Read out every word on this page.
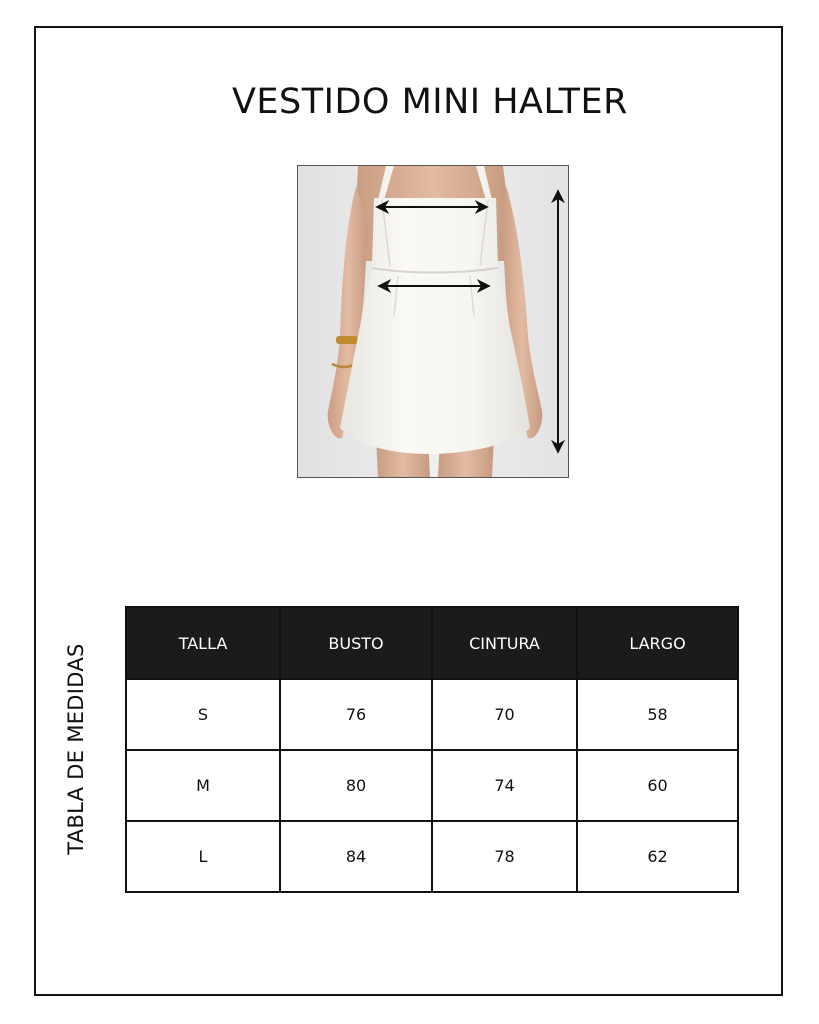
VESTIDO MINI HALTER
TABLA DE MEDIDAS
TALLA	BUSTO	CINTURA	LARGO
S	76	70	58
M	80	74	60
L	84	78	62
